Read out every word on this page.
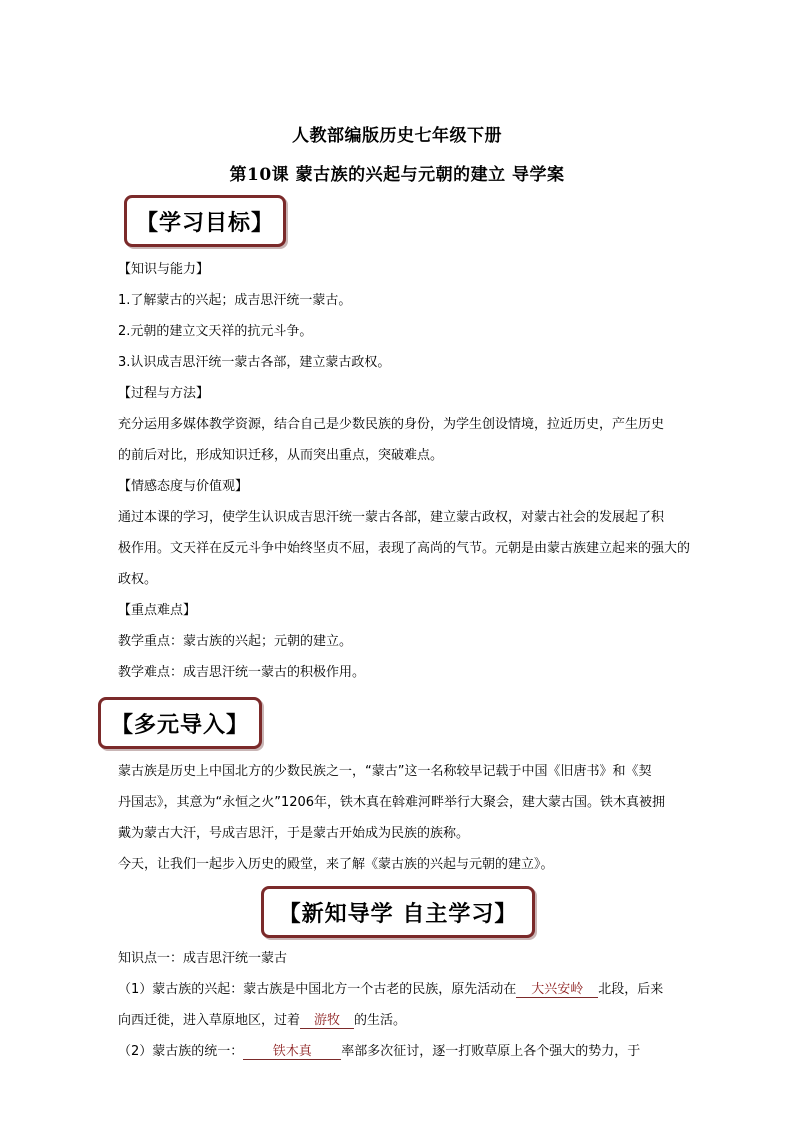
人教部编版历史七年级下册
第10课 蒙古族的兴起与元朝的建立 导学案
【学习目标】
【知识与能力】
1.了解蒙古的兴起；成吉思汗统一蒙古。
2.元朝的建立文天祥的抗元斗争。
3.认识成吉思汗统一蒙古各部，建立蒙古政权。
【过程与方法】
充分运用多媒体教学资源，结合自己是少数民族的身份，为学生创设情境，拉近历史，产生历史
的前后对比，形成知识迁移，从而突出重点，突破难点。
【情感态度与价值观】
通过本课的学习，使学生认识成吉思汗统一蒙古各部，建立蒙古政权，对蒙古社会的发展起了积
极作用。文天祥在反元斗争中始终坚贞不屈，表现了高尚的气节。元朝是由蒙古族建立起来的强大的
政权。
【重点难点】
教学重点：蒙古族的兴起；元朝的建立。
教学难点：成吉思汗统一蒙古的积极作用。
【多元导入】
蒙古族是历史上中国北方的少数民族之一，“蒙古”这一名称较早记载于中国《旧唐书》和《契
丹国志》，其意为“永恒之火”1206年，铁木真在斡难河畔举行大聚会，建大蒙古国。铁木真被拥
戴为蒙古大汗，号成吉思汗，于是蒙古开始成为民族的族称。
今天，让我们一起步入历史的殿堂，来了解《蒙古族的兴起与元朝的建立》。
【新知导学 自主学习】
知识点一：成吉思汗统一蒙古
（1）蒙古族的兴起：蒙古族是中国北方一个古老的民族，原先活动在 大兴安岭 北段，后来
向西迁徙，进入草原地区，过着 游牧 的生活。
（2）蒙古族的统一： 铁木真 率部多次征讨，逐一打败草原上各个强大的势力，于
